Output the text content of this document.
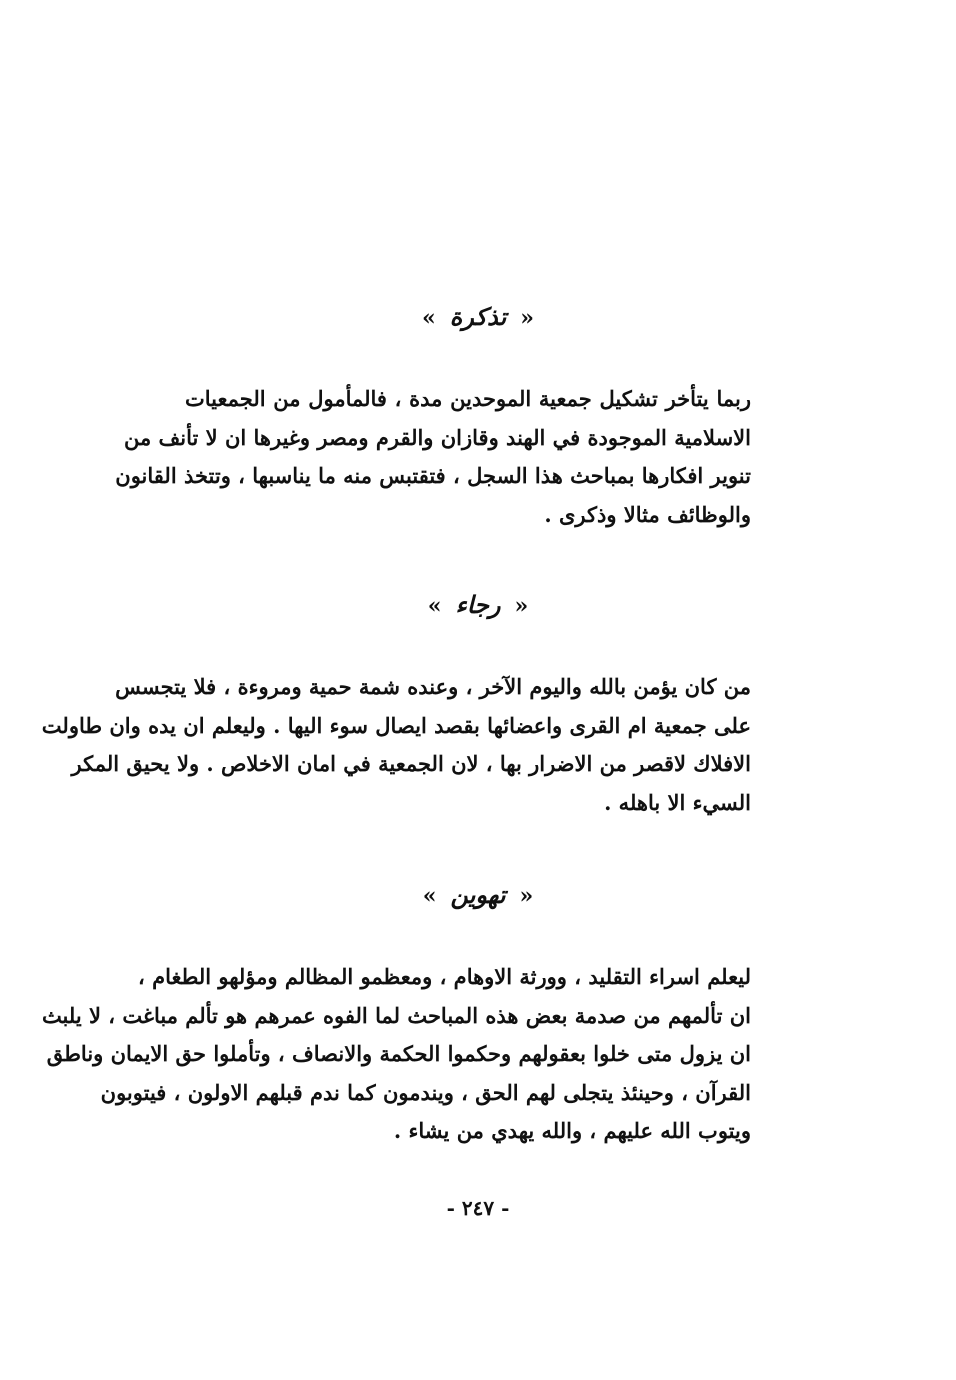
«تذكرة»
ربما يتأخر تشكيل جمعية الموحدين مدة ، فالمأمول من الجمعيات
الاسلامية الموجودة في الهند وقازان والقرم ومصر وغيرها ان لا تأنف من
تنوير افكارها بمباحث هذا السجل ، فتقتبس منه ما يناسبها ، وتتخذ القانون
والوظائف مثالا وذكرى .
«رجاء»
من كان يؤمن بالله واليوم الآخر ، وعنده شمة حمية ومروءة ، فلا يتجسس
على جمعية ام القرى واعضائها بقصد ايصال سوء اليها . وليعلم ان يده وان طاولت
الافلاك لاقصر من الاضرار بها ، لان الجمعية في امان الاخلاص . ولا يحيق المكر
السيء الا باهله .
«تهوين»
ليعلم اسراء التقليد ، وورثة الاوهام ، ومعظمو المظالم ومؤلهو الطغام ،
ان تألمهم من صدمة بعض هذه المباحث لما الفوه عمرهم هو تألم مباغت ، لا يلبث
ان يزول متى خلوا بعقولهم وحكموا الحكمة والانصاف ، وتأملوا حق الايمان وناطق
القرآن ، وحينئذ يتجلى لهم الحق ، ويندمون كما ندم قبلهم الاولون ، فيتوبون
ويتوب الله عليهم ، والله يهدي من يشاء .
- ٢٤٧ -
